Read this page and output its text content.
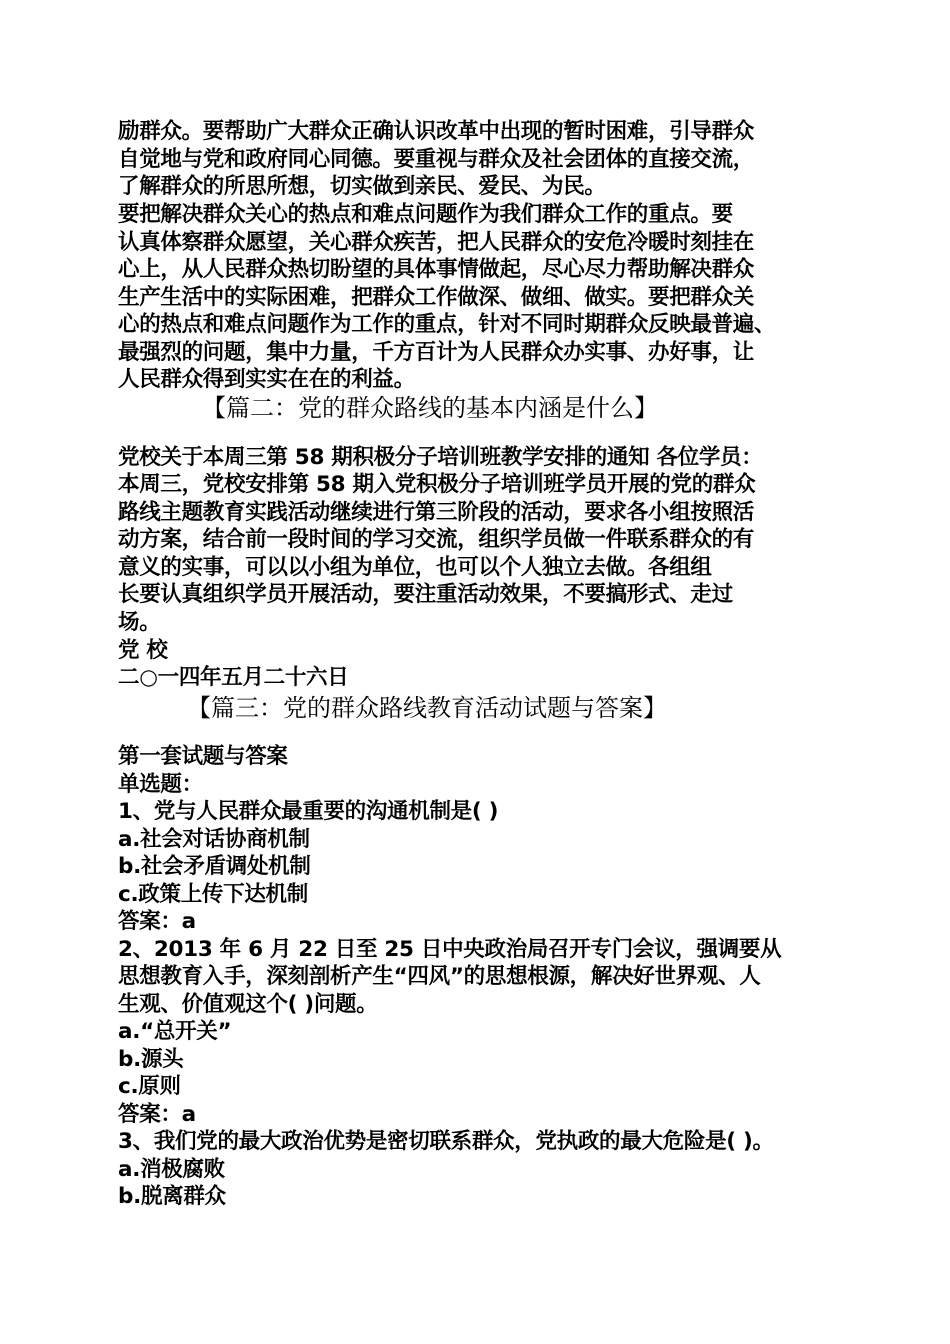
励群众。要帮助广大群众正确认识改革中出现的暂时困难，引导群众
自觉地与党和政府同心同德。要重视与群众及社会团体的直接交流，
了解群众的所思所想，切实做到亲民、爱民、为民。
要把解决群众关心的热点和难点问题作为我们群众工作的重点。要
认真体察群众愿望，关心群众疾苦，把人民群众的安危冷暖时刻挂在
心上，从人民群众热切盼望的具体事情做起，尽心尽力帮助解决群众
生产生活中的实际困难，把群众工作做深、做细、做实。要把群众关
心的热点和难点问题作为工作的重点，针对不同时期群众反映最普遍、
最强烈的问题，集中力量，千方百计为人民群众办实事、办好事，让
人民群众得到实实在在的利益。
【篇二：党的群众路线的基本内涵是什么】
党校关于本周三第 58 期积极分子培训班教学安排的通知 各位学员：
本周三，党校安排第 58 期入党积极分子培训班学员开展的党的群众
路线主题教育实践活动继续进行第三阶段的活动，要求各小组按照活
动方案，结合前一段时间的学习交流，组织学员做一件联系群众的有
意义的实事，可以以小组为单位，也可以个人独立去做。各组组
长要认真组织学员开展活动，要注重活动效果，不要搞形式、走过
场。
党 校
二○一四年五月二十六日
【篇三：党的群众路线教育活动试题与答案】
第一套试题与答案
单选题：
1、党与人民群众最重要的沟通机制是( )
a.社会对话协商机制
b.社会矛盾调处机制
c.政策上传下达机制
答案：a
2、2013 年 6 月 22 日至 25 日中央政治局召开专门会议，强调要从
思想教育入手，深刻剖析产生“四风”的思想根源，解决好世界观、人
生观、价值观这个( )问题。
a.“总开关”
b.源头
c.原则
答案：a
3、我们党的最大政治优势是密切联系群众，党执政的最大危险是( )。
a.消极腐败
b.脱离群众
